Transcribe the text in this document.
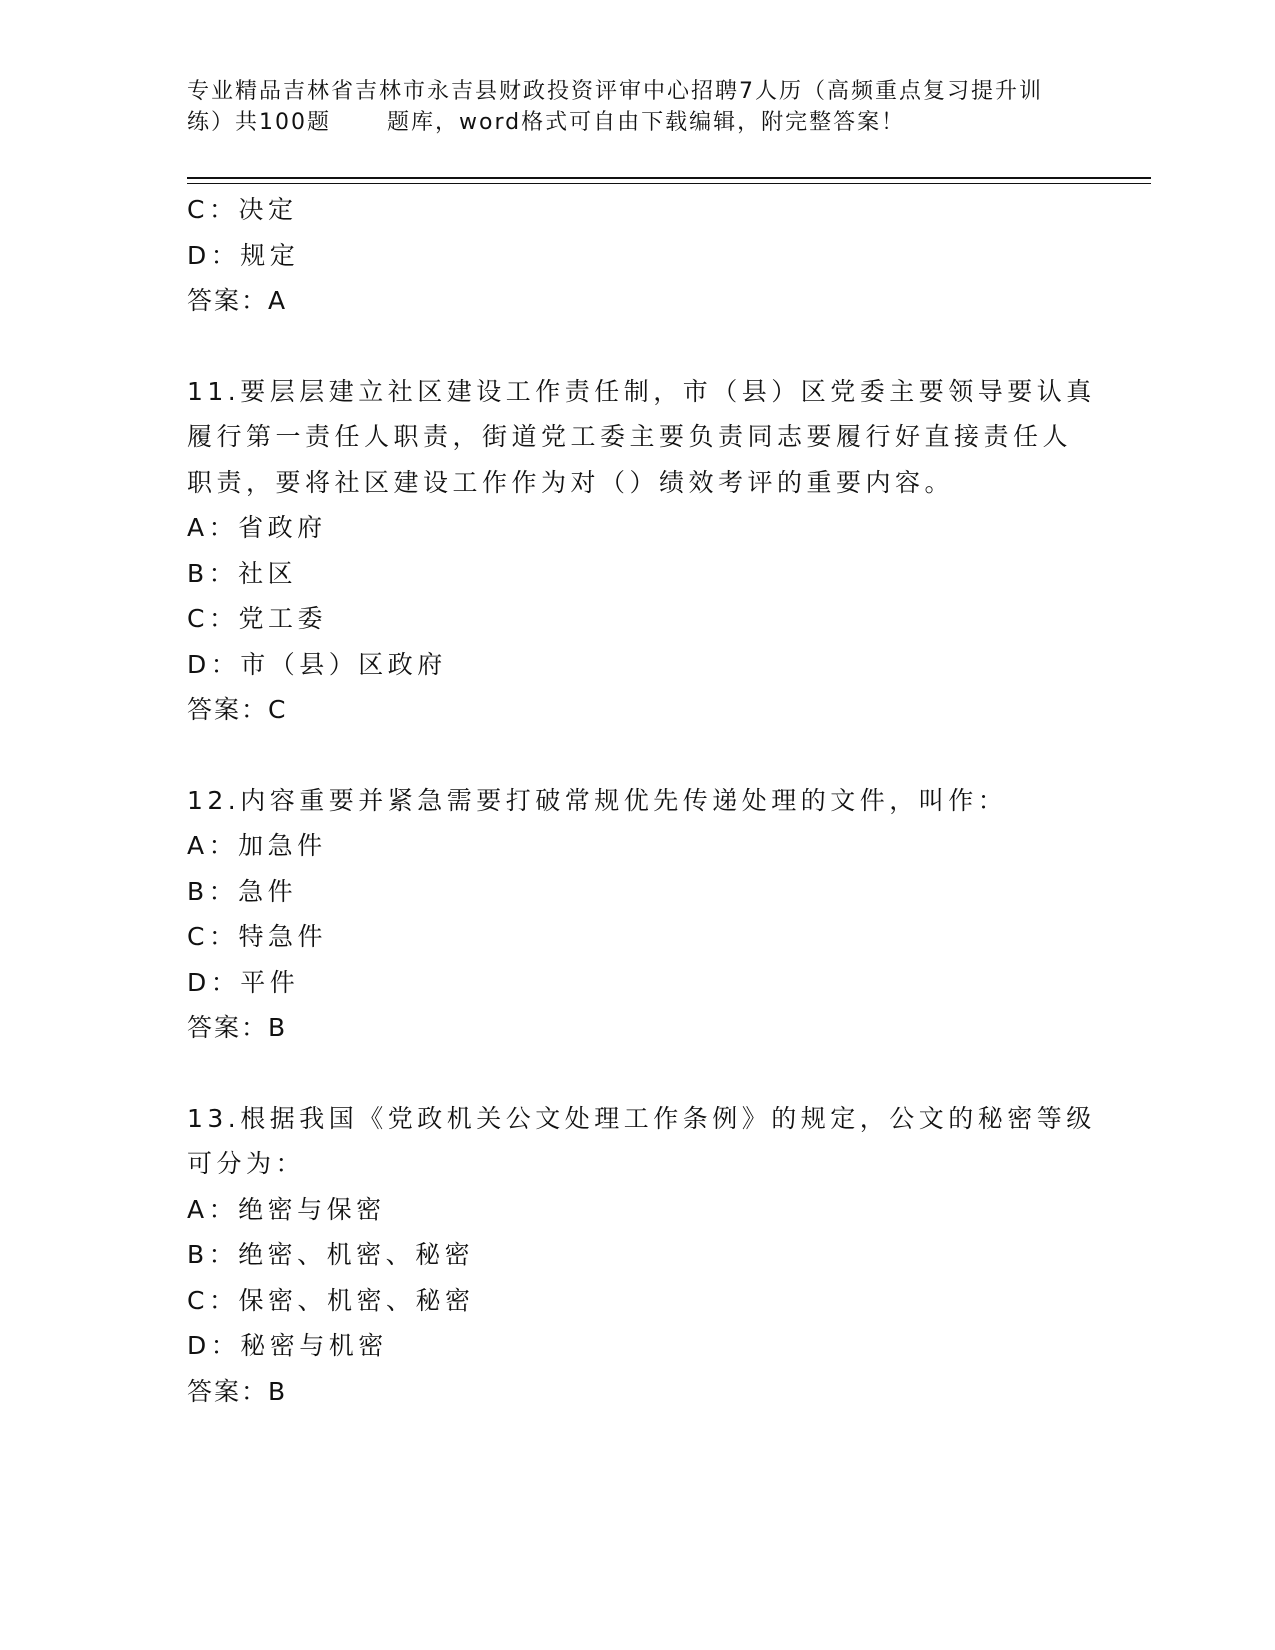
专业精品吉林省吉林市永吉县财政投资评审中心招聘7人历（高频重点复习提升训
练）共100题	题库，word格式可自由下载编辑，附完整答案！
C：决定
D：规定
答案：A
11.要层层建立社区建设工作责任制，市（县）区党委主要领导要认真
履行第一责任人职责，街道党工委主要负责同志要履行好直接责任人
职责，要将社区建设工作作为对（）绩效考评的重要内容。
A：省政府
B：社区
C：党工委
D：市（县）区政府
答案：C
12.内容重要并紧急需要打破常规优先传递处理的文件，叫作：
A：加急件
B：急件
C：特急件
D：平件
答案：B
13.根据我国《党政机关公文处理工作条例》的规定，公文的秘密等级
可分为：
A：绝密与保密
B：绝密、机密、秘密
C：保密、机密、秘密
D：秘密与机密
答案：B
